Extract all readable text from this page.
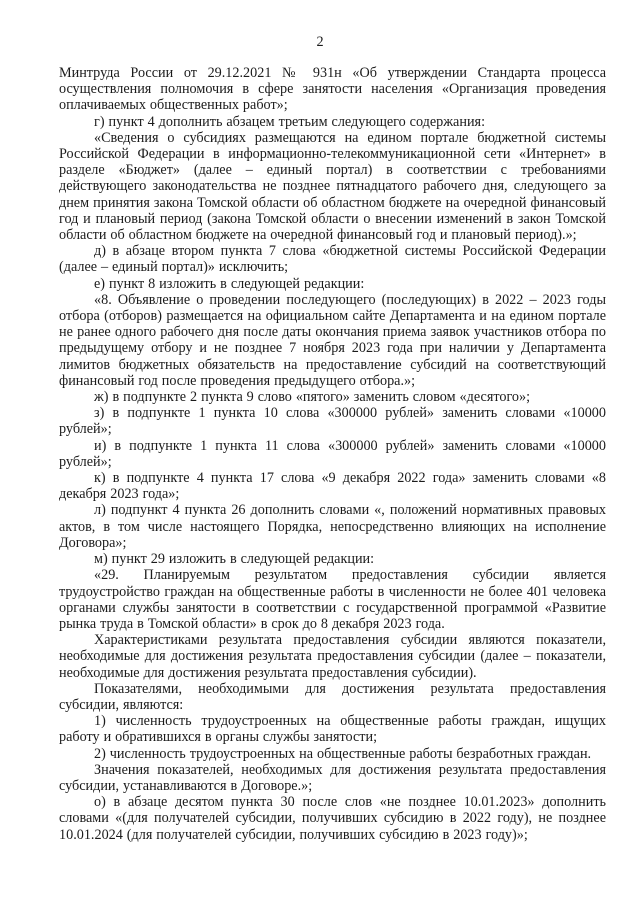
2

Минтруда России от 29.12.2021 № 931н «Об утверждении Стандарта процесса осуществления полномочия в сфере занятости населения «Организация проведения оплачиваемых общественных работ»;

г) пункт 4 дополнить абзацем третьим следующего содержания:

«Сведения о субсидиях размещаются на едином портале бюджетной системы Российской Федерации в информационно-телекоммуникационной сети «Интернет» в разделе «Бюджет» (далее – единый портал) в соответствии с требованиями действующего законодательства не позднее пятнадцатого рабочего дня, следующего за днем принятия закона Томской области об областном бюджете на очередной финансовый год и плановый период (закона Томской области о внесении изменений в закон Томской области об областном бюджете на очередной финансовый год и плановый период).»;

д) в абзаце втором пункта 7 слова «бюджетной системы Российской Федерации (далее – единый портал)» исключить;

е) пункт 8 изложить в следующей редакции:

«8. Объявление о проведении последующего (последующих) в 2022 – 2023 годы отбора (отборов) размещается на официальном сайте Департамента и на едином портале не ранее одного рабочего дня после даты окончания приема заявок участников отбора по предыдущему отбору и не позднее 7 ноября 2023 года при наличии у Департамента лимитов бюджетных обязательств на предоставление субсидий на соответствующий финансовый год после проведения предыдущего отбора.»;

ж) в подпункте 2 пункта 9 слово «пятого» заменить словом «десятого»;

з) в подпункте 1 пункта 10 слова «300000 рублей» заменить словами «10000 рублей»;

и) в подпункте 1 пункта 11 слова «300000 рублей» заменить словами «10000 рублей»;

к) в подпункте 4 пункта 17 слова «9 декабря 2022 года» заменить словами «8 декабря 2023 года»;

л) подпункт 4 пункта 26 дополнить словами «, положений нормативных правовых актов, в том числе настоящего Порядка, непосредственно влияющих на исполнение Договора»;

м) пункт 29 изложить в следующей редакции:

«29. Планируемым результатом предоставления субсидии является трудоустройство граждан на общественные работы в численности не более 401 человека органами службы занятости в соответствии с государственной программой «Развитие рынка труда в Томской области» в срок до 8 декабря 2023 года.

Характеристиками результата предоставления субсидии являются показатели, необходимые для достижения результата предоставления субсидии (далее – показатели, необходимые для достижения результата предоставления субсидии).

Показателями, необходимыми для достижения результата предоставления субсидии, являются:

1) численность трудоустроенных на общественные работы граждан, ищущих работу и обратившихся в органы службы занятости;

2) численность трудоустроенных на общественные работы безработных граждан.

Значения показателей, необходимых для достижения результата предоставления субсидии, устанавливаются в Договоре.»;

о) в абзаце десятом пункта 30 после слов «не позднее 10.01.2023» дополнить словами «(для получателей субсидии, получивших субсидию в 2022 году), не позднее 10.01.2024 (для получателей субсидии, получивших субсидию в 2023 году)»;
